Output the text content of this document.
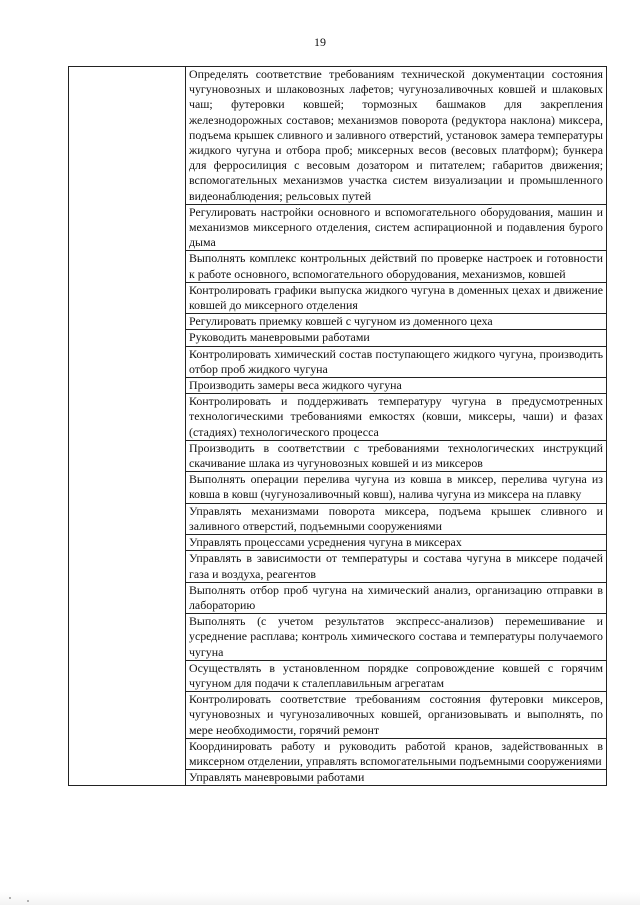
19
	Определять соответствие требованиям технической документации состояния чугуновозных и шлаковозных лафетов; чугунозаливочных ковшей и шлаковых чаш; футеровки ковшей; тормозных башмаков для закрепления железнодорожных составов; механизмов поворота (редуктора наклона) миксера, подъема крышек сливного и заливного отверстий, установок замера температуры жидкого чугуна и отбора проб; миксерных весов (весовых платформ); бункера для ферросилиция с весовым дозатором и питателем; габаритов движения; вспомогательных механизмов участка систем визуализации и промышленного видеонаблюдения; рельсовых путей
Регулировать настройки основного и вспомогательного оборудования, машин и механизмов миксерного отделения, систем аспирационной и подавления бурого дыма
Выполнять комплекс контрольных действий по проверке настроек и готовности к работе основного, вспомогательного оборудования, механизмов, ковшей
Контролировать графики выпуска жидкого чугуна в доменных цехах и движение ковшей до миксерного отделения
Регулировать приемку ковшей с чугуном из доменного цеха
Руководить маневровыми работами
Контролировать химический состав поступающего жидкого чугуна, производить отбор проб жидкого чугуна
Производить замеры веса жидкого чугуна
Контролировать и поддерживать температуру чугуна в предусмотренных технологическими требованиями емкостях (ковши, миксеры, чаши) и фазах (стадиях) технологического процесса
Производить в соответствии с требованиями технологических инструкций скачивание шлака из чугуновозных ковшей и из миксеров
Выполнять операции перелива чугуна из ковша в миксер, перелива чугуна из ковша в ковш (чугунозаливочный ковш), налива чугуна из миксера на плавку
Управлять механизмами поворота миксера, подъема крышек сливного и заливного отверстий, подъемными сооружениями
Управлять процессами усреднения чугуна в миксерах
Управлять в зависимости от температуры и состава чугуна в миксере подачей газа и воздуха, реагентов
Выполнять отбор проб чугуна на химический анализ, организацию отправки в лабораторию
Выполнять (с учетом результатов экспресс-анализов) перемешивание и усреднение расплава; контроль химического состава и температуры получаемого чугуна
Осуществлять в установленном порядке сопровождение ковшей с горячим чугуном для подачи к сталеплавильным агрегатам
Контролировать соответствие требованиям состояния футеровки миксеров, чугуновозных и чугунозаливочных ковшей, организовывать и выполнять, по мере необходимости, горячий ремонт
Координировать работу и руководить работой кранов, задействованных в миксерном отделении, управлять вспомогательными подъемными сооружениями
Управлять маневровыми работами
